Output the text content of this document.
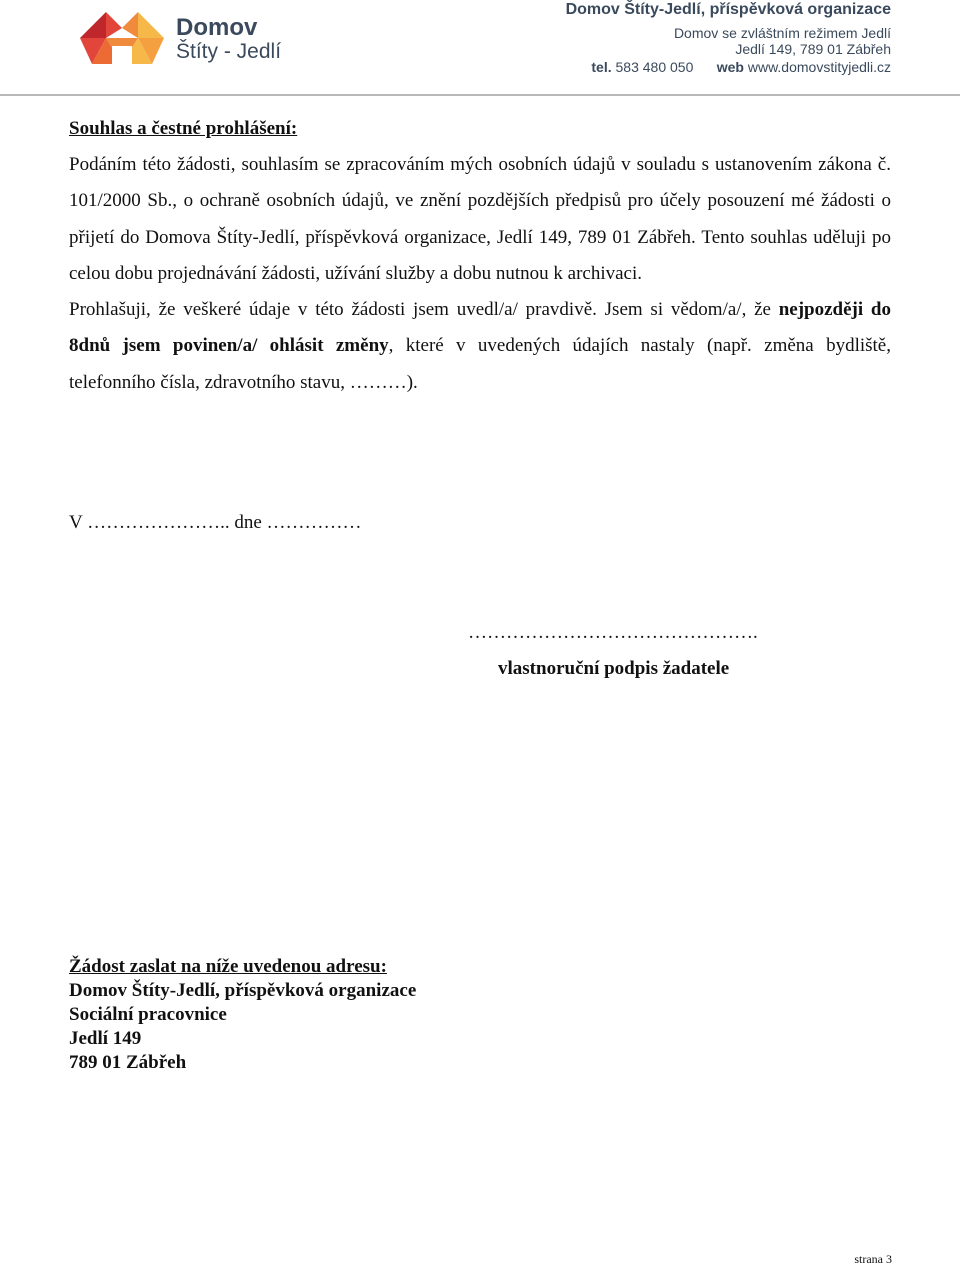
Domov
Štíty - Jedlí
Domov Štíty-Jedlí, příspěvková organizace
Domov se zvláštním režimem Jedlí
Jedlí 149, 789 01 Zábřeh
tel. 583 480 050 web www.domovstityjedli.cz

Souhlas a čestné prohlášení:

Podáním této žádosti, souhlasím se zpracováním mých osobních údajů v souladu s ustanovením zákona č. 101/2000 Sb., o ochraně osobních údajů, ve znění pozdějších předpisů pro účely posouzení mé žádosti o přijetí do Domova Štíty-Jedlí, příspěvková organizace, Jedlí 149, 789 01 Zábřeh. Tento souhlas uděluji po celou dobu projednávání žádosti, užívání služby a dobu nutnou k archivaci.

Prohlašuji, že veškeré údaje v této žádosti jsem uvedl/a/ pravdivě. Jsem si vědom/a/, že nejpozději do 8dnů jsem povinen/a/ ohlásit změny, které v uvedených údajích nastaly (např. změna bydliště, telefonního čísla, zdravotního stavu, ………).

V ………………….. dne ……………
……………………………………….
vlastnoruční podpis žadatele
Žádost zaslat na níže uvedenou adresu:
Domov Štíty-Jedlí, příspěvková organizace
Sociální pracovnice
Jedlí 149
789 01 Zábřeh
strana 3
